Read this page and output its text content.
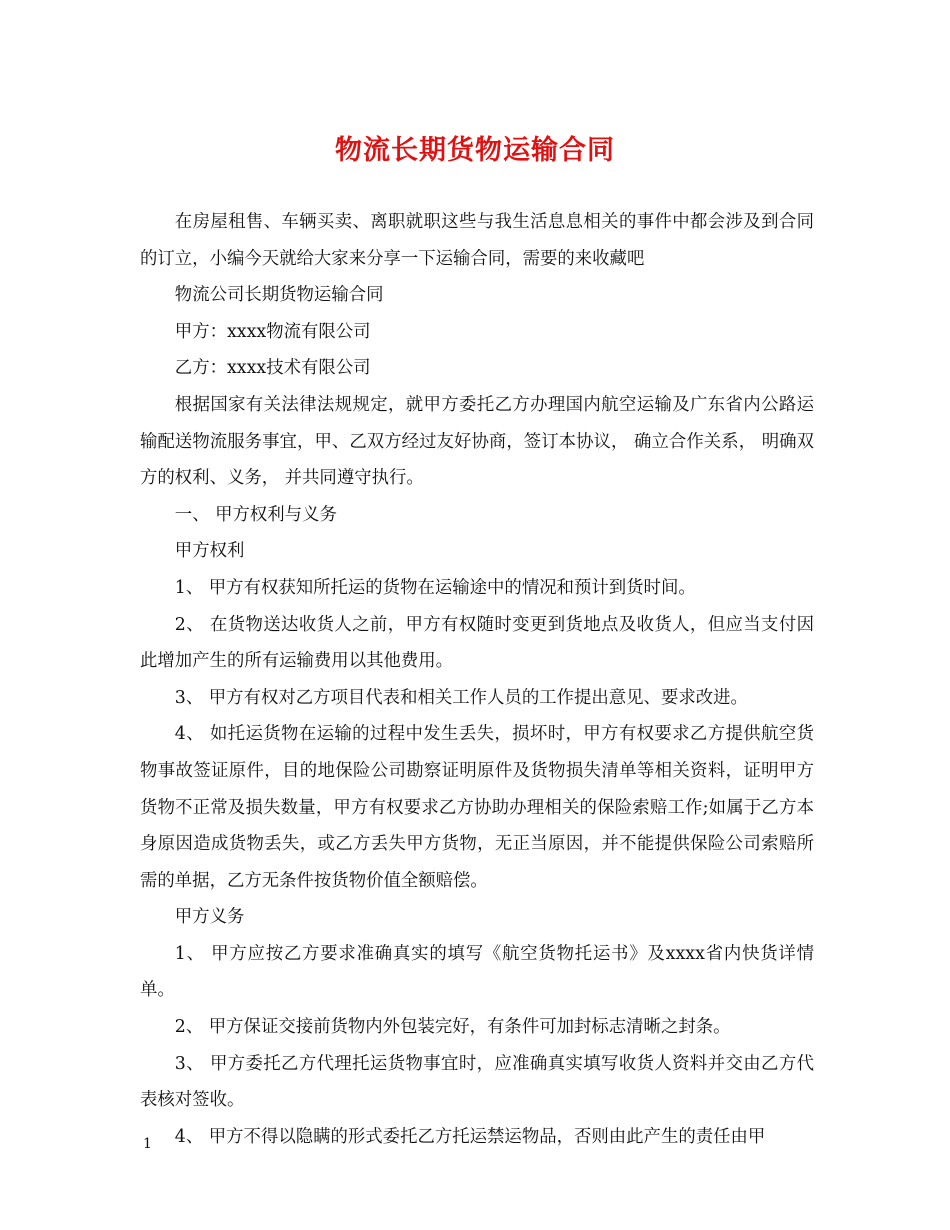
物流长期货物运输合同

在房屋租售、车辆买卖、离职就职这些与我生活息息相关的事件中都会涉及到合同的订立，小编今天就给大家来分享一下运输合同，需要的来收藏吧

物流公司长期货物运输合同

甲方：xxxx物流有限公司

乙方：xxxx技术有限公司

根据国家有关法律法规规定，就甲方委托乙方办理国内航空运输及广东省内公路运输配送物流服务事宜，甲、乙双方经过友好协商，签订本协议， 确立合作关系， 明确双方的权利、义务， 并共同遵守执行。

一、 甲方权利与义务

甲方权利

1、 甲方有权获知所托运的货物在运输途中的情况和预计到货时间。

2、 在货物送达收货人之前，甲方有权随时变更到货地点及收货人，但应当支付因此增加产生的所有运输费用以其他费用。

3、 甲方有权对乙方项目代表和相关工作人员的工作提出意见、要求改进。

4、 如托运货物在运输的过程中发生丢失，损坏时，甲方有权要求乙方提供航空货物事故签证原件，目的地保险公司勘察证明原件及货物损失清单等相关资料，证明甲方货物不正常及损失数量，甲方有权要求乙方协助办理相关的保险索赔工作;如属于乙方本身原因造成货物丢失，或乙方丢失甲方货物，无正当原因，并不能提供保险公司索赔所需的单据，乙方无条件按货物价值全额赔偿。

甲方义务

1、 甲方应按乙方要求准确真实的填写《航空货物托运书》及xxxx省内快货详情单。

2、 甲方保证交接前货物内外包装完好，有条件可加封标志清晰之封条。

3、 甲方委托乙方代理托运货物事宜时，应准确真实填写收货人资料并交由乙方代表核对签收。

4、 甲方不得以隐瞒的形式委托乙方托运禁运物品，否则由此产生的责任由甲

1
